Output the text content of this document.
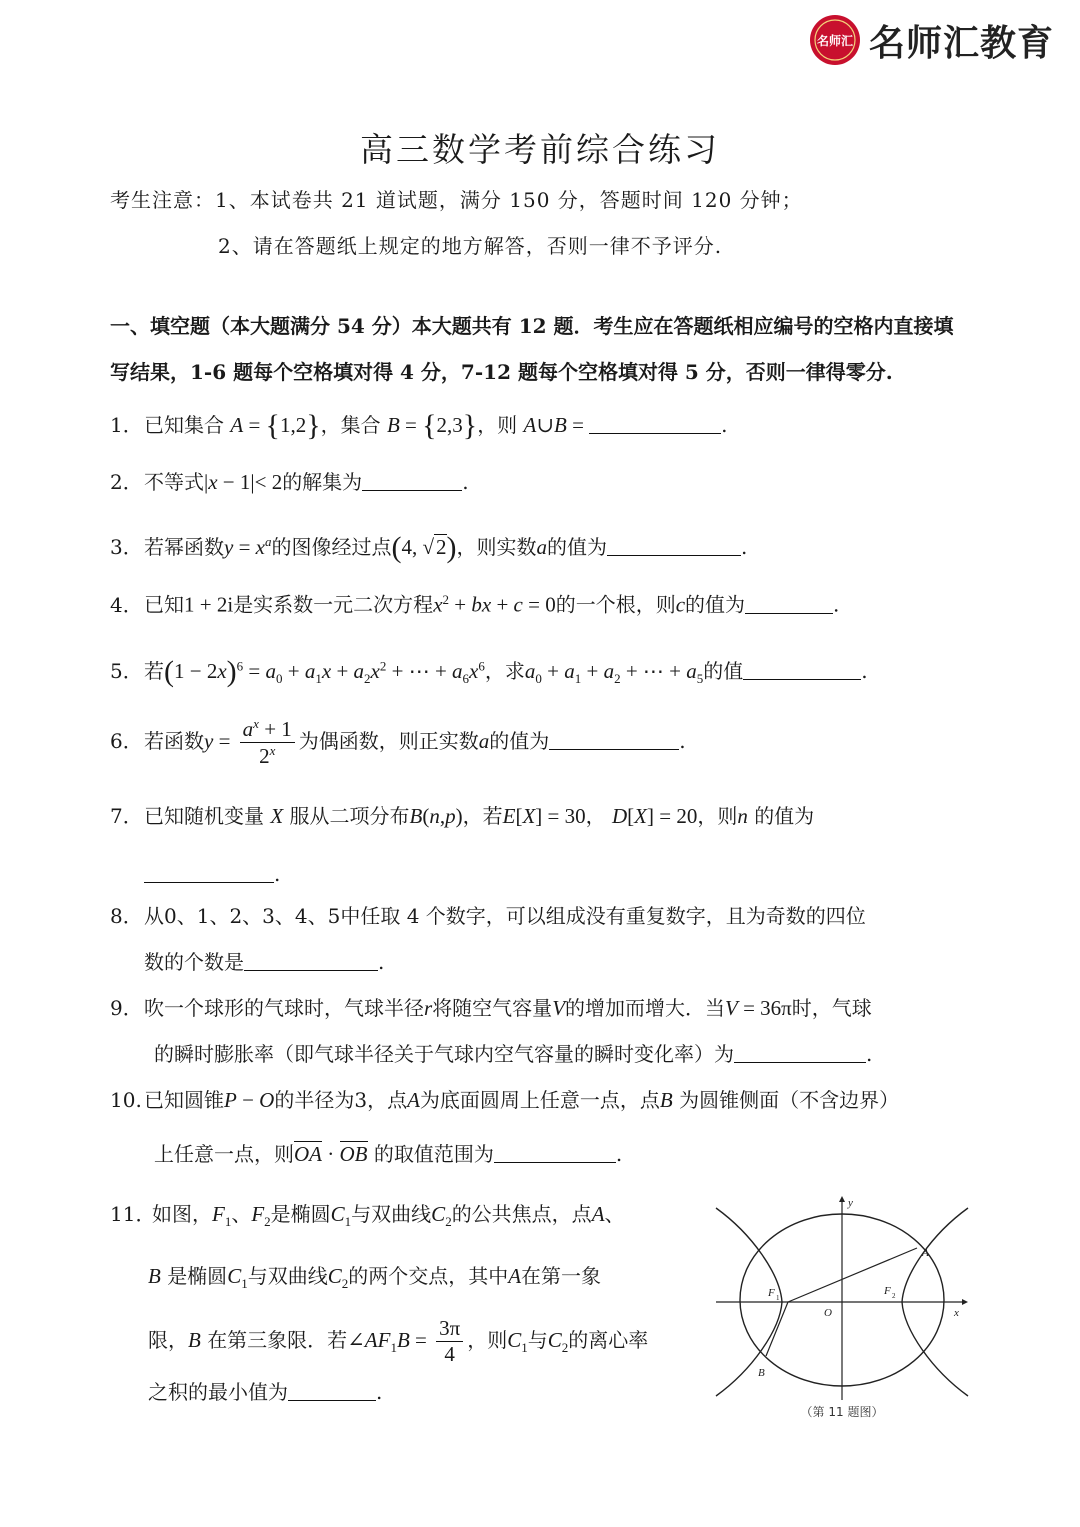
名师汇 名师汇教育
高三数学考前综合练习
考生注意：1、本试卷共 21 道试题，满分 150 分，答题时间 120 分钟；
2、请在答题纸上规定的地方解答，否则一律不予评分.
一、填空题（本大题满分 54 分）本大题共有 12 题．考生应在答题纸相应编号的空格内直接填
写结果，1-6 题每个空格填对得 4 分，7-12 题每个空格填对得 5 分，否则一律得零分.
1．已知集合 A = {1,2}，集合 B = {2,3}，则 A∪B =	.
2．不等式|x − 1|< 2的解集为	.
3．若幂函数$y = x^a$的图像经过点(4, √2)，则实数a的值为	.
4．已知1 + 2i是实系数一元二次方程$x^2$ + bx + c = 0的一个根，则c的值为	.
5．若$(1 - 2x)^6 = a_0 + a_1x + a_2x^2$ + ⋯ + $a_6x^6$，求$a_0 + a_1 + a_2$ + ⋯ + $a_5$的值	.
6．若函数$y = \frac{a^x + 1}{2^x}$ 为偶函数，则正实数a的值为	.
7．已知随机变量 X 服从二项分布B(n,p)，若E[X] = 30， D[X] = 20，则n 的值为
.
8．从0、1、2、3、4、5中任取 4 个数字，可以组成没有重复数字，且为奇数的四位
数的个数是	.
9．吹一个球形的气球时，气球半径r将随空气容量V的增加而增大．当V = 36π时，气球
的瞬时膨胀率（即气球半径关于气球内空气容量的瞬时变化率）为	.
10. 已知圆锥P − O的半径为3，点A为底面圆周上任意一点，点B 为圆锥侧面（不含边界）
上任意一点，则OA · OB 的取值范围为	.
11．如图，$F_1$、$F_2$是椭圆$C_1$与双曲线$C_2$的公共焦点，点A、
B 是椭圆$C_1$与双曲线$C_2$的两个交点，其中A在第一象
限，B 在第三象限．若$\angle AF_1B = \frac{3\pi}{4}$ ，则$C_1$与$C_2$的离心率
之积的最小值为	.
y
x
O
A
B
F 1
F 2
（第 11 题图）
